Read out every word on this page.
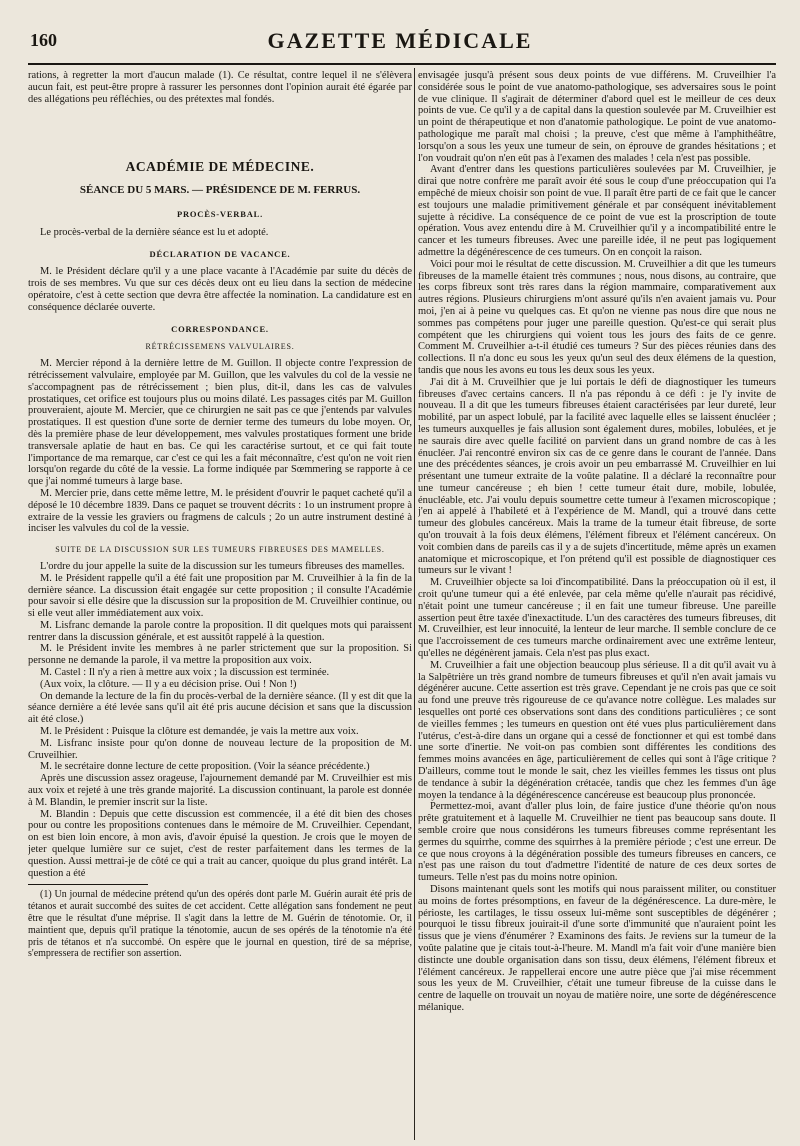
160	GAZETTE MÉDICALE

rations, à regretter la mort d'aucun malade (1). Ce résultat, contre lequel il ne s'élèvera aucun fait, est peut-être propre à rassurer les personnes dont l'opinion aurait été égarée par des allégations peu réfléchies, ou des prétextes mal fondés.

ACADÉMIE DE MÉDECINE.
SÉANCE DU 5 MARS. — PRÉSIDENCE DE M. FERRUS.
PROCÈS-VERBAL.

Le procès-verbal de la dernière séance est lu et adopté.

DÉCLARATION DE VACANCE.

M. le Président déclare qu'il y a une place vacante à l'Académie par suite du décès de trois de ses membres. Vu que sur ces décès deux ont eu lieu dans la section de médecine opératoire, c'est à cette section que devra être affectée la nomination. La candidature est en conséquence déclarée ouverte.

CORRESPONDANCE.
RÉTRÉCISSEMENS VALVULAIRES.

M. Mercier répond à la dernière lettre de M. Guillon. Il objecte contre l'expression de rétrécissement valvulaire, employée par M. Guillon, que les valvules du col de la vessie ne s'accompagnent pas de rétrécissement ; bien plus, dit-il, dans les cas de valvules prostatiques, cet orifice est toujours plus ou moins dilaté. Les passages cités par M. Guillon prouveraient, ajoute M. Mercier, que ce chirurgien ne sait pas ce que j'entends par valvules prostatiques. Il est question d'une sorte de dernier terme des tumeurs du lobe moyen. Or, dès la première phase de leur développement, mes valvules prostatiques forment une bride transversale aplatie de haut en bas. Ce qui les caractérise surtout, et ce qui fait toute l'importance de ma remarque, car c'est ce qui les a fait méconnaître, c'est qu'on ne voit rien lorsqu'on regarde du côté de la vessie. La forme indiquée par Sœmmering se rapporte à ce que j'ai nommé tumeurs à large base.

M. Mercier prie, dans cette même lettre, M. le président d'ouvrir le paquet cacheté qu'il a déposé le 10 décembre 1839. Dans ce paquet se trouvent décrits : 1o un instrument propre à extraire de la vessie les graviers ou fragmens de calculs ; 2o un autre instrument destiné à inciser les valvules du col de la vessie.

SUITE DE LA DISCUSSION SUR LES TUMEURS FIBREUSES DES MAMELLES.

L'ordre du jour appelle la suite de la discussion sur les tumeurs fibreuses des mamelles.

M. le Président rappelle qu'il a été fait une proposition par M. Cruveilhier à la fin de la dernière séance. La discussion était engagée sur cette proposition ; il consulte l'Académie pour savoir si elle désire que la discussion sur la proposition de M. Cruveilhier continue, ou si elle veut aller immédiatement aux voix.

M. Lisfranc demande la parole contre la proposition. Il dit quelques mots qui paraissent rentrer dans la discussion générale, et est aussitôt rappelé à la question.

M. le Président invite les membres à ne parler strictement que sur la proposition. Si personne ne demande la parole, il va mettre la proposition aux voix.

M. Castel : Il n'y a rien à mettre aux voix ; la discussion est terminée.

(Aux voix, la clôture. — Il y a eu décision prise. Oui ! Non !)

On demande la lecture de la fin du procès-verbal de la dernière séance. (Il y est dit que la séance dernière a été levée sans qu'il ait été pris aucune décision et sans que la discussion ait été close.)

M. le Président : Puisque la clôture est demandée, je vais la mettre aux voix.

M. Lisfranc insiste pour qu'on donne de nouveau lecture de la proposition de M. Cruveilhier.

M. le secrétaire donne lecture de cette proposition. (Voir la séance précédente.)

Après une discussion assez orageuse, l'ajournement demandé par M. Cruveilhier est mis aux voix et rejeté à une très grande majorité. La discussion continuant, la parole est donnée à M. Blandin, le premier inscrit sur la liste.

M. Blandin : Depuis que cette discussion est commencée, il a été dit bien des choses pour ou contre les propositions contenues dans le mémoire de M. Cruveilhier. Cependant, on est bien loin encore, à mon avis, d'avoir épuisé la question. Je crois que le moyen de jeter quelque lumière sur ce sujet, c'est de rester parfaitement dans les termes de la question. Aussi mettrai-je de côté ce qui a trait au cancer, quoique du plus grand intérêt. La question a été

(1) Un journal de médecine prétend qu'un des opérés dont parle M. Guérin aurait été pris de tétanos et aurait succombé des suites de cet accident. Cette allégation sans fondement ne peut être que le résultat d'une méprise. Il s'agit dans la lettre de M. Guérin de ténotomie. Or, il maintient que, depuis qu'il pratique la ténotomie, aucun de ses opérés de la ténotomie n'a été pris de tétanos et n'a succombé. On espère que le journal en question, tiré de sa méprise, s'empressera de rectifier son assertion.

envisagée jusqu'à présent sous deux points de vue différens. M. Cruveilhier l'a considérée sous le point de vue anatomo-pathologique, ses adversaires sous le point de vue clinique. Il s'agirait de déterminer d'abord quel est le meilleur de ces deux points de vue. Ce qu'il y a de capital dans la question soulevée par M. Cruveilhier est un point de thérapeutique et non d'anatomie pathologique. Le point de vue anatomo-pathologique me paraît mal choisi ; la preuve, c'est que même à l'amphithéâtre, lorsqu'on a sous les yeux une tumeur de sein, on éprouve de grandes hésitations ; et l'on voudrait qu'on n'en eût pas à l'examen des malades ! cela n'est pas possible.

Avant d'entrer dans les questions particulières soulevées par M. Cruveilhier, je dirai que notre confrère me paraît avoir été sous le coup d'une préoccupation qui l'a empêché de mieux choisir son point de vue. Il paraît être parti de ce fait que le cancer est toujours une maladie primitivement générale et par conséquent inévitablement sujette à récidive. La conséquence de ce point de vue est la proscription de toute opération. Vous avez entendu dire à M. Cruveilhier qu'il y a incompatibilité entre le cancer et les tumeurs fibreuses. Avec une pareille idée, il ne peut pas logiquement admettre la dégénérescence de ces tumeurs. On en conçoit la raison.

Voici pour moi le résultat de cette discussion. M. Cruveilhier a dit que les tumeurs fibreuses de la mamelle étaient très communes ; nous, nous disons, au contraire, que les corps fibreux sont très rares dans la région mammaire, comparativement aux autres régions. Plusieurs chirurgiens m'ont assuré qu'ils n'en avaient jamais vu. Pour moi, j'en ai à peine vu quelques cas. Et qu'on ne vienne pas nous dire que nous ne sommes pas compétens pour juger une pareille question. Qu'est-ce qui serait plus compétent que les chirurgiens qui voient tous les jours des faits de ce genre. Comment M. Cruveilhier a-t-il étudié ces tumeurs ? Sur des pièces réunies dans des collections. Il n'a donc eu sous les yeux qu'un seul des deux élémens de la question, tandis que nous les avons eu tous les deux sous les yeux.

J'ai dit à M. Cruveilhier que je lui portais le défi de diagnostiquer les tumeurs fibreuses d'avec certains cancers. Il n'a pas répondu à ce défi : je l'y invite de nouveau. Il a dit que les tumeurs fibreuses étaient caractérisées par leur dureté, leur mobilité, par un aspect lobulé, par la facilité avec laquelle elles se laissent énucléer ; les tumeurs auxquelles je fais allusion sont également dures, mobiles, lobulées, et je ne saurais dire avec quelle facilité on parvient dans un grand nombre de cas à les énucléer. J'ai rencontré environ six cas de ce genre dans le courant de l'année. Dans une des précédentes séances, je crois avoir un peu embarrassé M. Cruveilhier en lui présentant une tumeur extraite de la voûte palatine. Il a déclaré la reconnaître pour une tumeur cancéreuse ; eh bien ! cette tumeur était dure, mobile, lobulée, énucléable, etc. J'ai voulu depuis soumettre cette tumeur à l'examen microscopique ; j'en ai appelé à l'habileté et à l'expérience de M. Mandl, qui a trouvé dans cette tumeur des globules cancéreux. Mais la trame de la tumeur était fibreuse, de sorte qu'on trouvait à la fois deux élémens, l'élément fibreux et l'élément cancéreux. On voit combien dans de pareils cas il y a de sujets d'incertitude, même après un examen anatomique et microscopique, et l'on prétend qu'il est possible de diagnostiquer ces tumeurs sur le vivant !

M. Cruveilhier objecte sa loi d'incompatibilité. Dans la préoccupation où il est, il croit qu'une tumeur qui a été enlevée, par cela même qu'elle n'aurait pas récidivé, n'était point une tumeur cancéreuse ; il en fait une tumeur fibreuse. Une pareille assertion peut être taxée d'inexactitude. L'un des caractères des tumeurs fibreuses, dit M. Cruveilhier, est leur innocuité, la lenteur de leur marche. Il semble conclure de ce que l'accroissement de ces tumeurs marche ordinairement avec une extrême lenteur, qu'elles ne dégénèrent jamais. Cela n'est pas plus exact.

M. Cruveilhier a fait une objection beaucoup plus sérieuse. Il a dit qu'il avait vu à la Salpêtrière un très grand nombre de tumeurs fibreuses et qu'il n'en avait jamais vu dégénérer aucune. Cette assertion est très grave. Cependant je ne crois pas que ce soit au fond une preuve très rigoureuse de ce qu'avance notre collègue. Les malades sur lesquelles ont porté ces observations sont dans des conditions particulières ; ce sont de vieilles femmes ; les tumeurs en question ont été vues plus particulièrement dans l'utérus, c'est-à-dire dans un organe qui a cessé de fonctionner et qui est tombé dans une sorte d'inertie. Ne voit-on pas combien sont différentes les conditions des femmes moins avancées en âge, particulièrement de celles qui sont à l'âge critique ? D'ailleurs, comme tout le monde le sait, chez les vieilles femmes les tissus ont plus de tendance à subir la dégénération crétacée, tandis que chez les femmes d'un âge moyen la tendance à la dégénérescence cancéreuse est beaucoup plus prononcée.

Permettez-moi, avant d'aller plus loin, de faire justice d'une théorie qu'on nous prête gratuitement et à laquelle M. Cruveilhier ne tient pas beaucoup sans doute. Il semble croire que nous considérons les tumeurs fibreuses comme représentant les germes du squirrhe, comme des squirrhes à la première période ; c'est une erreur. De ce que nous croyons à la dégénération possible des tumeurs fibreuses en cancers, ce n'est pas une raison du tout d'admettre l'identité de nature de ces deux sortes de tumeurs. Telle n'est pas du moins notre opinion.

Disons maintenant quels sont les motifs qui nous paraissent militer, ou constituer au moins de fortes présomptions, en faveur de la dégénérescence. La dure-mère, le périoste, les cartilages, le tissu osseux lui-même sont susceptibles de dégénérer ; pourquoi le tissu fibreux jouirait-il d'une sorte d'immunité que n'auraient point les tissus que je viens d'énumérer ? Examinons des faits. Je reviens sur la tumeur de la voûte palatine que je citais tout-à-l'heure. M. Mandl m'a fait voir d'une manière bien distincte une double organisation dans son tissu, deux élémens, l'élément fibreux et l'élément cancéreux. Je rappellerai encore une autre pièce que j'ai mise récemment sous les yeux de M. Cruveilhier, c'était une tumeur fibreuse de la cuisse dans le centre de laquelle on trouvait un noyau de matière noire, une sorte de dégénérescence mélanique.
